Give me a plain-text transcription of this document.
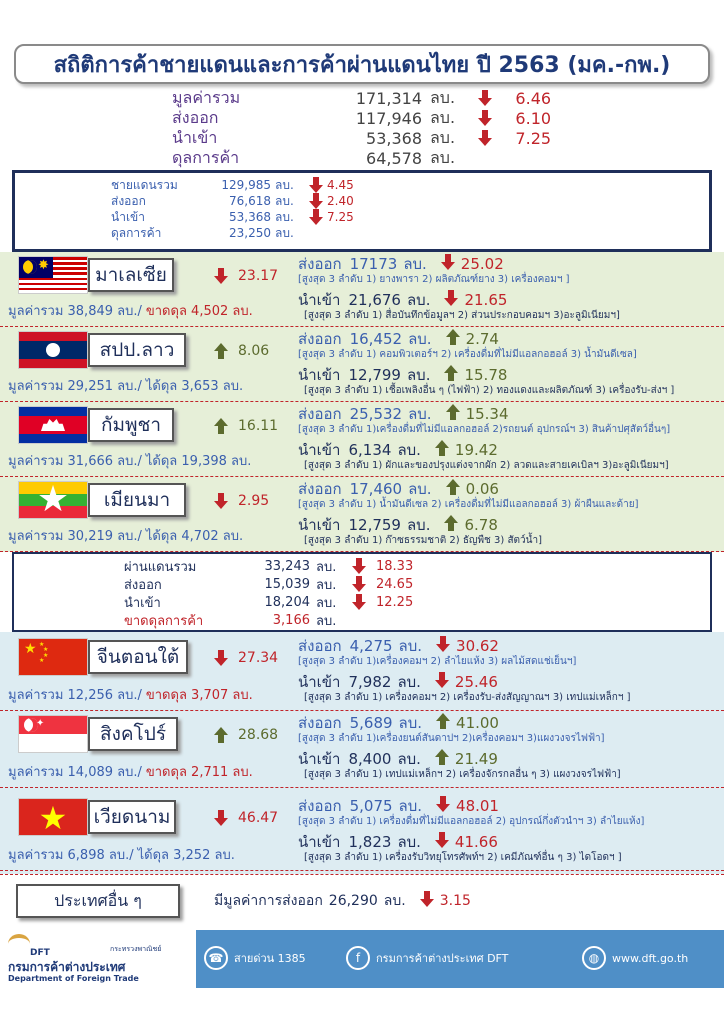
สถิติการค้าชายแดนและการค้าผ่านแดนไทย ปี 2563 (มค.-กพ.)
มูลค่ารวม	171,314 ลบ.	6.46
ส่งออก	117,946 ลบ.	6.10
นำเข้า	53,368 ลบ.	7.25
ดุลการค้า	64,578 ลบ.
ชายแดนรวม	129,985 ลบ.	4.45
ส่งออก	76,618 ลบ.	2.40
นำเข้า	53,368 ลบ.	7.25
ดุลการค้า	23,250 ลบ.
✸ มาเลเซีย	23.17
มูลค่ารวม 38,849 ลบ./ ขาดดุล 4,502 ลบ.
ส่งออก 17173 ลบ. 25.02
[สูงสุด 3 ลำดับ 1) ยางพารา 2) ผลิตภัณฑ์ยาง 3) เครื่องคอมฯ ]
นำเข้า 21,676 ลบ. 21.65
[สูงสุด 3 ลำดับ 1) สื่อบันทึกข้อมูลฯ 2) ส่วนประกอบคอมฯ 3)อะลูมิเนียมฯ]
สปป.ลาว	8.06
มูลค่ารวม 29,251 ลบ./ ได้ดุล 3,653 ลบ.
ส่งออก 16,452 ลบ. 2.74
[สูงสุด 3 ลำดับ 1) คอมพิวเตอร์ฯ 2) เครื่องดื่มที่ไม่มีแอลกอฮอล์ 3) น้ำมันดีเซล]
นำเข้า 12,799 ลบ. 15.78
[สูงสุด 3 ลำดับ 1) เชื้อเพลิงอื่น ๆ (ไฟฟ้า) 2) ทองแดงและผลิตภัณฑ์ 3) เครื่องรับ-ส่งฯ ]
กัมพูชา	16.11
มูลค่ารวม 31,666 ลบ./ ได้ดุล 19,398 ลบ.
ส่งออก 25,532 ลบ. 15.34
[สูงสุด 3 ลำดับ 1)เครื่องดื่มที่ไม่มีแอลกอฮอล์ 2)รถยนต์ อุปกรณ์ฯ 3) สินค้าปศุสัตว์อื่นๆ]
นำเข้า 6,134 ลบ. 19.42
[สูงสุด 3 ลำดับ 1) ผักและของปรุงแต่งจากผัก 2) ลวดและสายเคเบิลฯ 3)อะลูมิเนียมฯ]
★	เมียนมา	2.95
มูลค่ารวม 30,219 ลบ./ ได้ดุล 4,702 ลบ.
ส่งออก 17,460 ลบ. 0.06
[สูงสุด 3 ลำดับ 1) น้ำมันดีเซล 2) เครื่องดื่มที่ไม่มีแอลกอฮอล์ 3) ผ้าผืนและด้าย]
นำเข้า 12,759 ลบ. 6.78
[สูงสุด 3 ลำดับ 1) ก๊าซธรรมชาติ 2) ธัญพืช 3) สัตว์น้ำ]
ผ่านแดนรวม	33,243 ลบ.	18.33
ส่งออก	15,039 ลบ.	24.65
นำเข้า	18,204 ลบ.	12.25
ขาดดุลการค้า	3,166 ลบ.
★ ★
★
★
★	จีนตอนใต้	27.34
มูลค่ารวม 12,256 ลบ./ ขาดดุล 3,707 ลบ.
ส่งออก 4,275 ลบ. 30.62
[สูงสุด 3 ลำดับ 1)เครื่องคอมฯ 2) ลำไยแห้ง 3) ผลไม้สดแช่เย็นฯ]
นำเข้า 7,982 ลบ. 25.46
[สูงสุด 3 ลำดับ 1) เครื่องคอมฯ 2) เครื่องรับ-ส่งสัญญาณฯ 3) เทปแม่เหล็กฯ ]
✦	สิงคโปร์	28.68
มูลค่ารวม 14,089 ลบ./ ขาดดุล 2,711 ลบ.
ส่งออก 5,689 ลบ. 41.00
[สูงสุด 3 ลำดับ 1)เครื่องยนต์สันดาปฯ 2)เครื่องคอมฯ 3)แผงวงจรไฟฟ้า]
นำเข้า 8,400 ลบ. 21.49
[สูงสุด 3 ลำดับ 1) เทปแม่เหล็กฯ 2) เครื่องจักรกลอื่น ๆ 3) แผงวงจรไฟฟ้า]
★	เวียดนาม	46.47
มูลค่ารวม 6,898 ลบ./ ได้ดุล 3,252 ลบ.
ส่งออก 5,075 ลบ. 48.01
[สูงสุด 3 ลำดับ 1) เครื่องดื่มที่ไม่มีแอลกอฮอล์ 2) อุปกรณ์กึ่งตัวนำฯ 3) ลำไยแห้ง]
นำเข้า 1,823 ลบ. 41.66
[สูงสุด 3 ลำดับ 1) เครื่องรับวิทยุโทรศัพท์ฯ 2) เคมีภัณฑ์อื่น ๆ 3) ไดโอดฯ ]
ประเทศอื่น ๆ	มีมูลค่าการส่งออก 26,290 ลบ. 3.15
DFT	กระทรวงพาณิชย์
กรมการค้าต่างประเทศ
Department of Foreign Trade
☎ สายด่วน 1385	f	กรมการค้าต่างประเทศ DFT	◍	www.dft.go.th
